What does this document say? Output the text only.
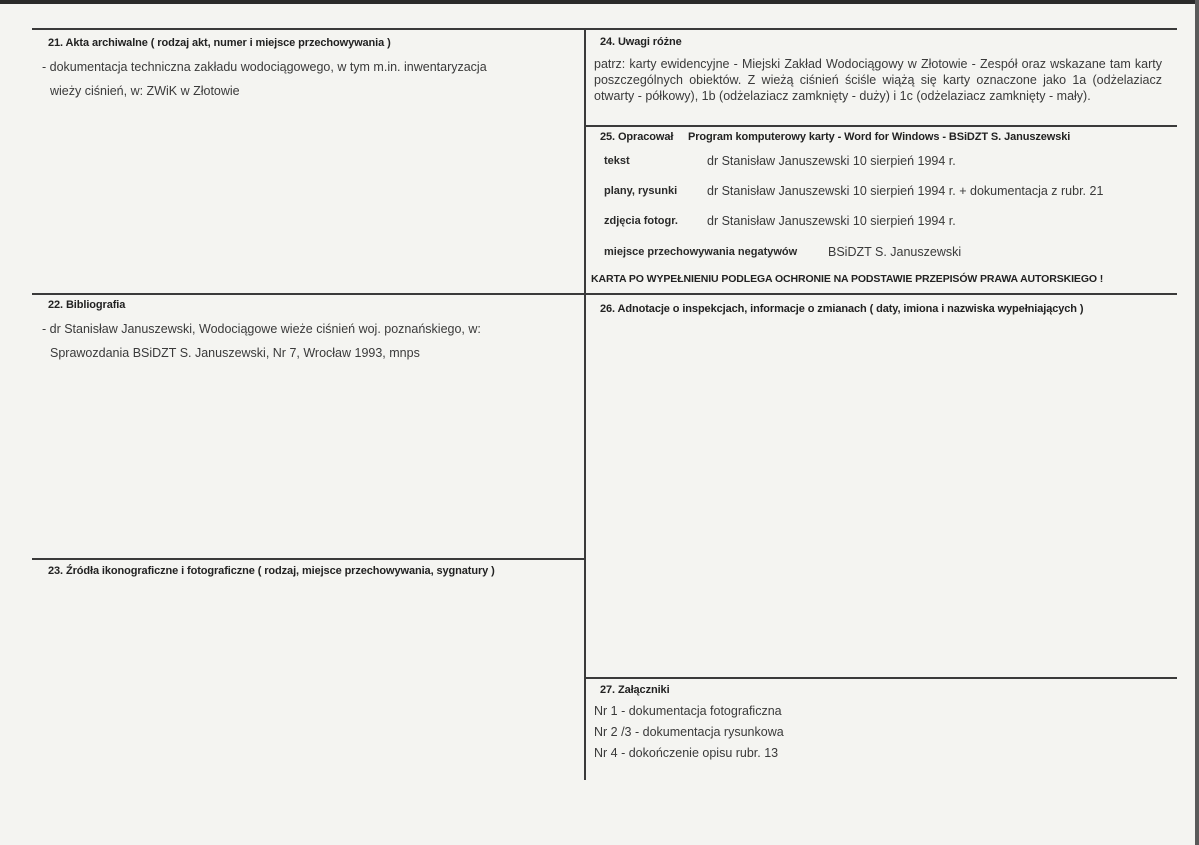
21. Akta archiwalne ( rodzaj akt, numer i miejsce przechowywania )
- dokumentacja techniczna zakładu wodociągowego, w tym m.in. inwentaryzacja
wieży ciśnień, w: ZWiK w Złotowie
24. Uwagi różne
patrz: karty ewidencyjne - Miejski Zakład Wodociągowy w Złotowie - Zespół oraz wskazane tam karty poszczególnych obiektów. Z wieżą ciśnień ściśle wiążą się karty oznaczone jako 1a (odżelaziacz otwarty - półkowy), 1b (odżelaziacz zamknięty - duży) i 1c (odżelaziacz zamknięty - mały).
25. Opracował Program komputerowy karty - Word for Windows - BSiDZT S. Januszewski
tekst	dr Stanisław Januszewski 10 sierpień 1994 r.
plany, rysunki dr Stanisław Januszewski 10 sierpień 1994 r. + dokumentacja z rubr. 21
zdjęcia fotogr. dr Stanisław Januszewski 10 sierpień 1994 r.
miejsce przechowywania negatywów BSiDZT S. Januszewski
KARTA PO WYPEŁNIENIU PODLEGA OCHRONIE NA PODSTAWIE PRZEPISÓW PRAWA AUTORSKIEGO !
22. Bibliografia
- dr Stanisław Januszewski, Wodociągowe wieże ciśnień woj. poznańskiego, w:
Sprawozdania BSiDZT S. Januszewski, Nr 7, Wrocław 1993, mnps
26. Adnotacje o inspekcjach, informacje o zmianach ( daty, imiona i nazwiska wypełniających )
23. Źródła ikonograficzne i fotograficzne ( rodzaj, miejsce przechowywania, sygnatury )
27. Załączniki
Nr 1 - dokumentacja fotograficzna
Nr 2 /3 - dokumentacja rysunkowa
Nr 4 - dokończenie opisu rubr. 13
